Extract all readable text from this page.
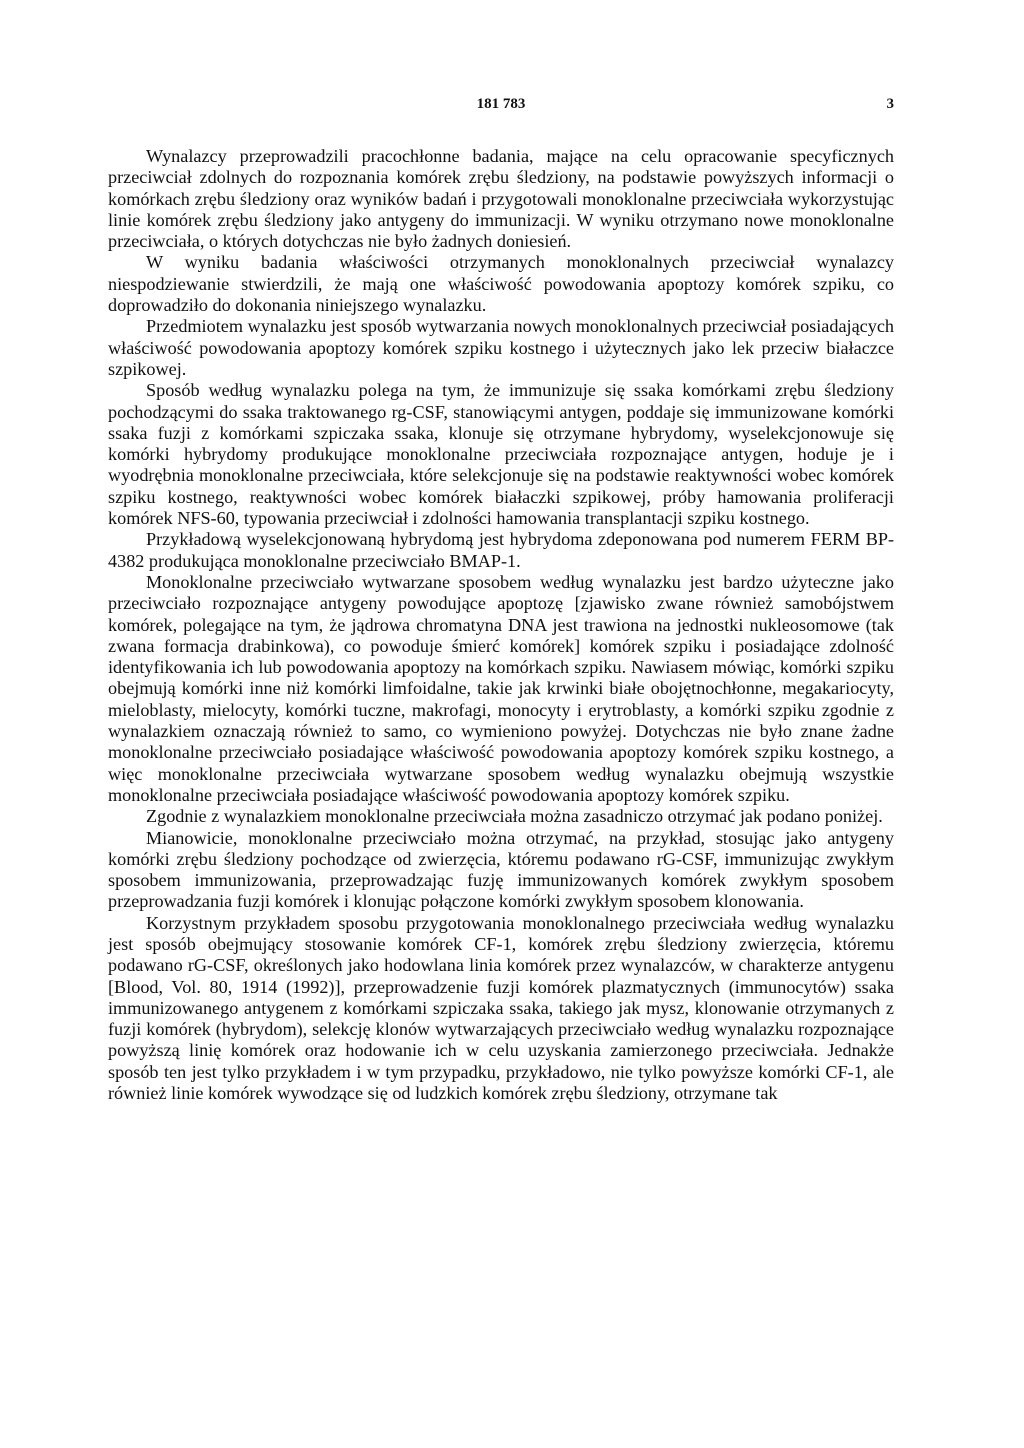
181 783	3

Wynalazcy przeprowadzili pracochłonne badania, mające na celu opracowanie specyficznych przeciwciał zdolnych do rozpoznania komórek zrębu śledziony, na podstawie powyższych informacji o komórkach zrębu śledziony oraz wyników badań i przygotowali monoklonalne przeciwciała wykorzystując linie komórek zrębu śledziony jako antygeny do immunizacji. W wyniku otrzymano nowe monoklonalne przeciwciała, o których dotychczas nie było żadnych doniesień.

W wyniku badania właściwości otrzymanych monoklonalnych przeciwciał wynalazcy niespodziewanie stwierdzili, że mają one właściwość powodowania apoptozy komórek szpiku, co doprowadziło do dokonania niniejszego wynalazku.

Przedmiotem wynalazku jest sposób wytwarzania nowych monoklonalnych przeciwciał posiadających właściwość powodowania apoptozy komórek szpiku kostnego i użytecznych jako lek przeciw białaczce szpikowej.

Sposób według wynalazku polega na tym, że immunizuje się ssaka komórkami zrębu śledziony pochodzącymi do ssaka traktowanego rg-CSF, stanowiącymi antygen, poddaje się immunizowane komórki ssaka fuzji z komórkami szpiczaka ssaka, klonuje się otrzymane hybrydomy, wyselekcjonowuje się komórki hybrydomy produkujące monoklonalne przeciwciała rozpoznające antygen, hoduje je i wyodrębnia monoklonalne przeciwciała, które selekcjonuje się na podstawie reaktywności wobec komórek szpiku kostnego, reaktywności wobec komórek białaczki szpikowej, próby hamowania proliferacji komórek NFS-60, typowania przeciwciał i zdolności hamowania transplantacji szpiku kostnego.

Przykładową wyselekcjonowaną hybrydomą jest hybrydoma zdeponowana pod numerem FERM BP-4382 produkująca monoklonalne przeciwciało BMAP-1.

Monoklonalne przeciwciało wytwarzane sposobem według wynalazku jest bardzo użyteczne jako przeciwciało rozpoznające antygeny powodujące apoptozę [zjawisko zwane również samobójstwem komórek, polegające na tym, że jądrowa chromatyna DNA jest trawiona na jednostki nukleosomowe (tak zwana formacja drabinkowa), co powoduje śmierć komórek] komórek szpiku i posiadające zdolność identyfikowania ich lub powodowania apoptozy na komórkach szpiku. Nawiasem mówiąc, komórki szpiku obejmują komórki inne niż komórki limfoidalne, takie jak krwinki białe obojętnochłonne, megakariocyty, mieloblasty, mielocyty, komórki tuczne, makrofagi, monocyty i erytroblasty, a komórki szpiku zgodnie z wynalazkiem oznaczają również to samo, co wymieniono powyżej. Dotychczas nie było znane żadne monoklonalne przeciwciało posiadające właściwość powodowania apoptozy komórek szpiku kostnego, a więc monoklonalne przeciwciała wytwarzane sposobem według wynalazku obejmują wszystkie monoklonalne przeciwciała posiadające właściwość powodowania apoptozy komórek szpiku.

Zgodnie z wynalazkiem monoklonalne przeciwciała można zasadniczo otrzymać jak podano poniżej.

Mianowicie, monoklonalne przeciwciało można otrzymać, na przykład, stosując jako antygeny komórki zrębu śledziony pochodzące od zwierzęcia, któremu podawano rG-CSF, immunizując zwykłym sposobem immunizowania, przeprowadzając fuzję immunizowanych komórek zwykłym sposobem przeprowadzania fuzji komórek i klonując połączone komórki zwykłym sposobem klonowania.

Korzystnym przykładem sposobu przygotowania monoklonalnego przeciwciała według wynalazku jest sposób obejmujący stosowanie komórek CF-1, komórek zrębu śledziony zwierzęcia, któremu podawano rG-CSF, określonych jako hodowlana linia komórek przez wynalazców, w charakterze antygenu [Blood, Vol. 80, 1914 (1992)], przeprowadzenie fuzji komórek plazmatycznych (immunocytów) ssaka immunizowanego antygenem z komórkami szpiczaka ssaka, takiego jak mysz, klonowanie otrzymanych z fuzji komórek (hybrydom), selekcję klonów wytwarzających przeciwciało według wynalazku rozpoznające powyższą linię komórek oraz hodowanie ich w celu uzyskania zamierzonego przeciwciała. Jednakże sposób ten jest tylko przykładem i w tym przypadku, przykładowo, nie tylko powyższe komórki CF-1, ale również linie komórek wywodzące się od ludzkich komórek zrębu śledziony, otrzymane tak
